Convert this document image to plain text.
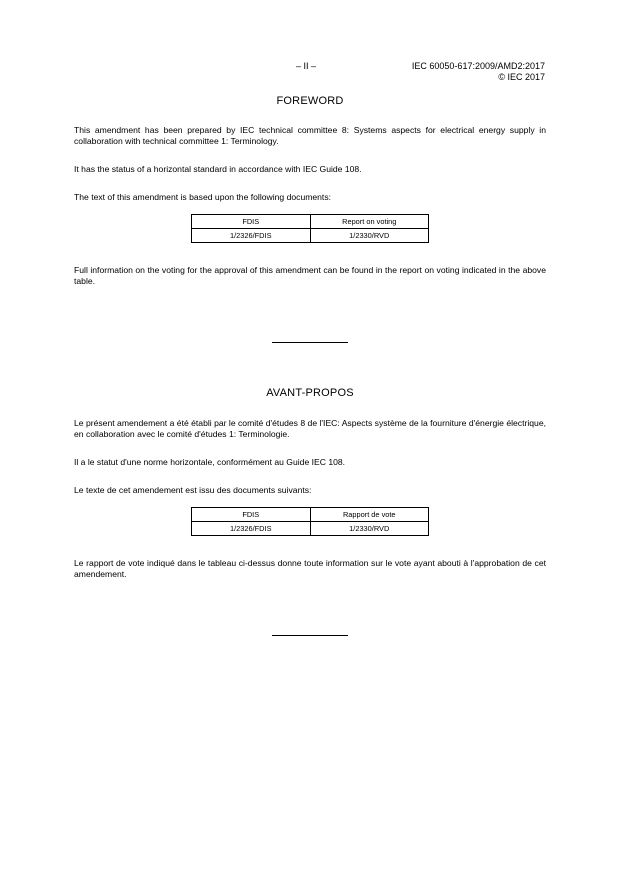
– II –	IEC 60050-617:2009/AMD2:2017
© IEC 2017
FOREWORD

This amendment has been prepared by IEC technical committee 8: Systems aspects for electrical energy supply in collaboration with technical committee 1: Terminology.

It has the status of a horizontal standard in accordance with IEC Guide 108.

The text of this amendment is based upon the following documents:

FDIS	Report on voting
1/2326/FDIS	1/2330/RVD

Full information on the voting for the approval of this amendment can be found in the report on voting indicated in the above table.

AVANT-PROPOS

Le présent amendement a été établi par le comité d'études 8 de l'IEC: Aspects système de la fourniture d'énergie électrique, en collaboration avec le comité d'études 1: Terminologie.

Il a le statut d'une norme horizontale, conformément au Guide IEC 108.

Le texte de cet amendement est issu des documents suivants:

FDIS	Rapport de vote
1/2326/FDIS	1/2330/RVD

Le rapport de vote indiqué dans le tableau ci-dessus donne toute information sur le vote ayant abouti à l'approbation de cet amendement.
